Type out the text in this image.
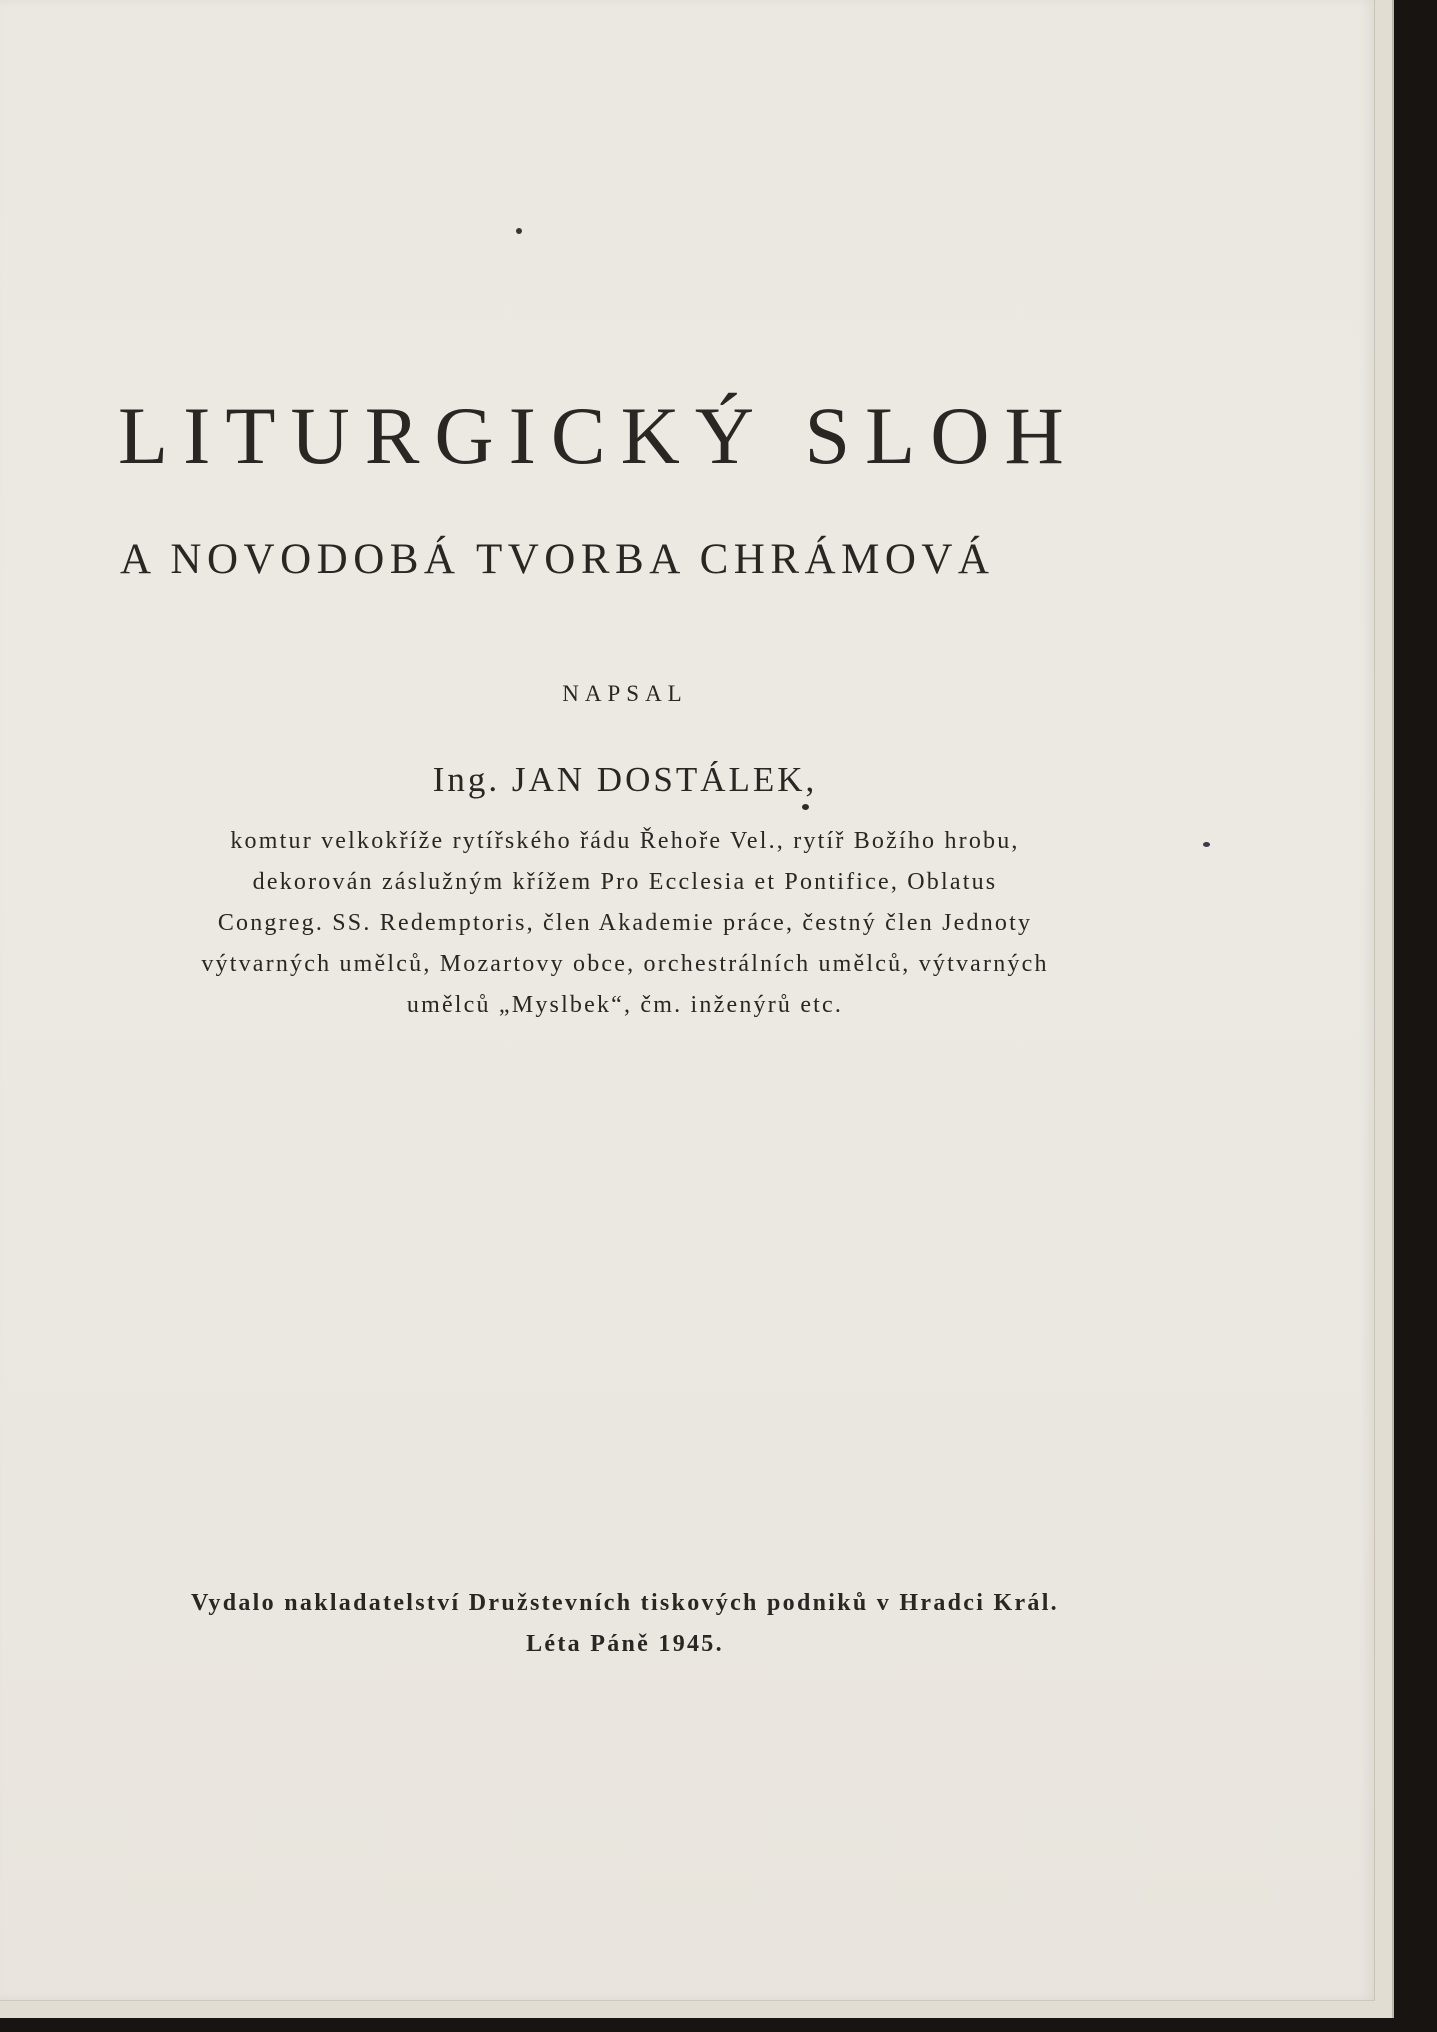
LITURGICKÝ SLOH
A NOVODOBÁ TVORBA CHRÁMOVÁ
NAPSAL
Ing. JAN DOSTÁLEK,
komtur velkokříže rytířského řádu Řehoře Vel., rytíř Božího hrobu,
dekorován záslužným křížem Pro Ecclesia et Pontifice, Oblatus
Congreg. SS. Redemptoris, člen Akademie práce, čestný člen Jednoty
výtvarných umělců, Mozartovy obce, orchestrálních umělců, výtvarných
umělců „Myslbek“, čm. inženýrů etc.
Vydalo nakladatelství Družstevních tiskových podniků v Hradci Král.
Léta Páně 1945.
